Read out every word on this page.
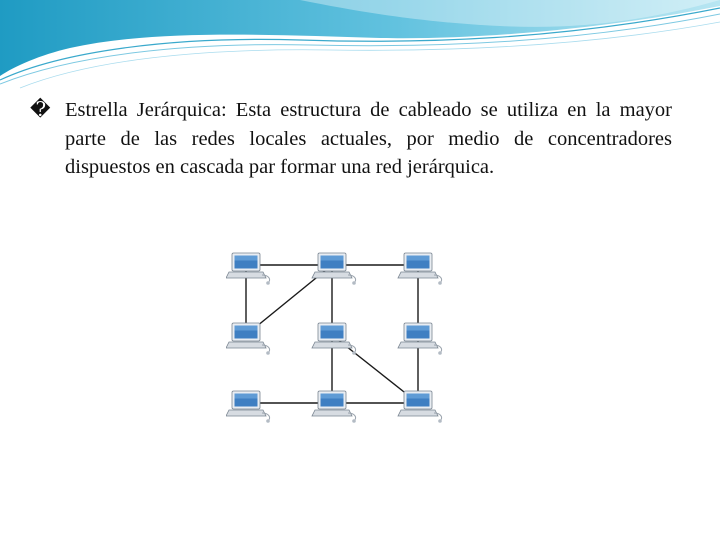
� Estrella Jerárquica: Esta estructura de cableado se utiliza en la mayor parte de las redes locales actuales, por medio de concentradores dispuestos en cascada par formar una red jerárquica.
